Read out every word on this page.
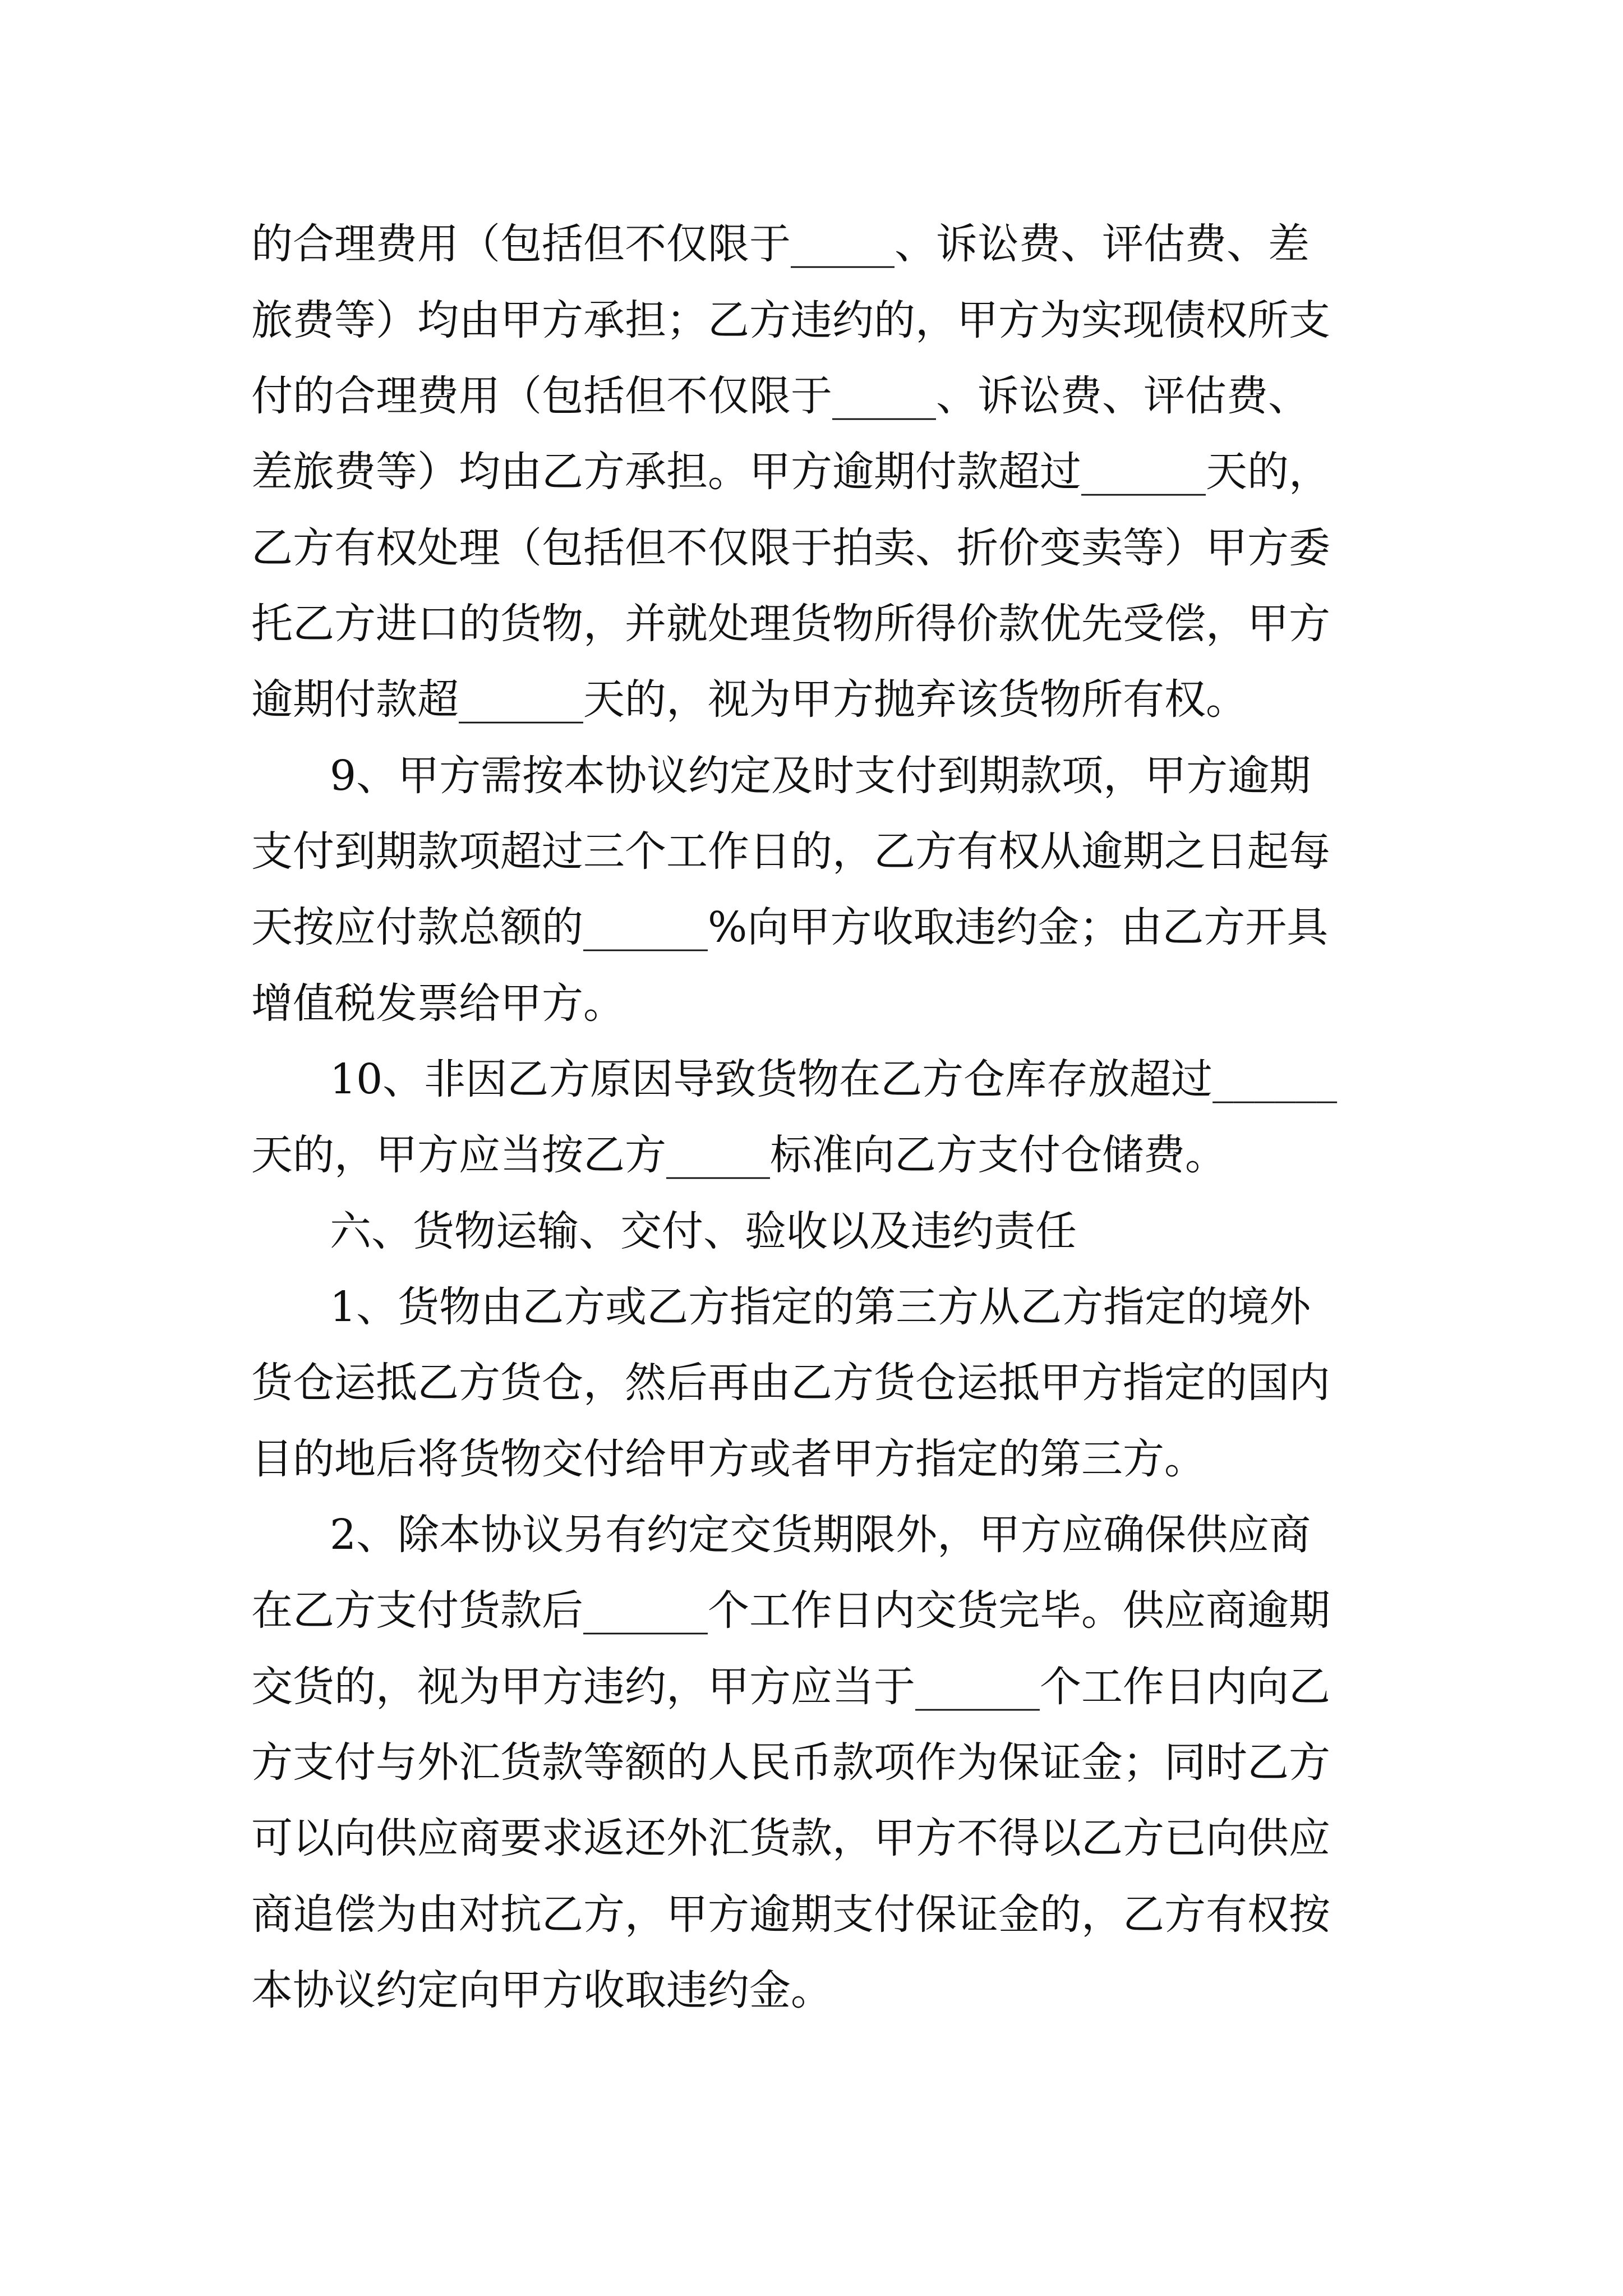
的合理费用（包括但不仅限于_____、诉讼费、评估费、差
旅费等）均由甲方承担；乙方违约的，甲方为实现债权所支
付的合理费用（包括但不仅限于_____、诉讼费、评估费、
差旅费等）均由乙方承担。甲方逾期付款超过______天的，
乙方有权处理（包括但不仅限于拍卖、折价变卖等）甲方委
托乙方进口的货物，并就处理货物所得价款优先受偿，甲方
逾期付款超______天的，视为甲方抛弃该货物所有权。
9、甲方需按本协议约定及时支付到期款项，甲方逾期
支付到期款项超过三个工作日的，乙方有权从逾期之日起每
天按应付款总额的______%向甲方收取违约金；由乙方开具
增值税发票给甲方。
10、非因乙方原因导致货物在乙方仓库存放超过______
天的，甲方应当按乙方_____标准向乙方支付仓储费。
六、货物运输、交付、验收以及违约责任
1、货物由乙方或乙方指定的第三方从乙方指定的境外
货仓运抵乙方货仓，然后再由乙方货仓运抵甲方指定的国内
目的地后将货物交付给甲方或者甲方指定的第三方。
2、除本协议另有约定交货期限外，甲方应确保供应商
在乙方支付货款后______个工作日内交货完毕。供应商逾期
交货的，视为甲方违约，甲方应当于______个工作日内向乙
方支付与外汇货款等额的人民币款项作为保证金；同时乙方
可以向供应商要求返还外汇货款，甲方不得以乙方已向供应
商追偿为由对抗乙方，甲方逾期支付保证金的，乙方有权按
本协议约定向甲方收取违约金。
